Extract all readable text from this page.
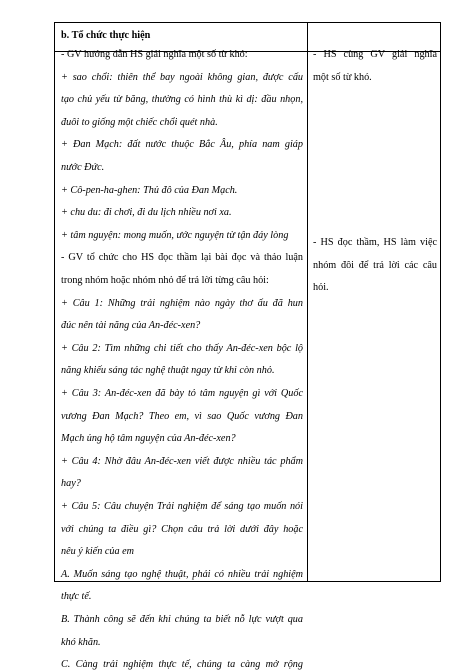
b. Tổ chức thực hiện
- GV hướng dẫn HS giải nghĩa một số từ khó:
+ sao chổi: thiên thể bay ngoài không gian, được cấu
tạo chủ yếu từ băng, thường có hình thù kì dị: đầu nhọn,
đuôi to giống một chiếc chổi quét nhà.
+ Đan Mạch: đất nước thuộc Bắc Âu, phía nam giáp
nước Đức.
+ Cô-pen-ha-ghen: Thủ đô của Đan Mạch.
+ chu du: đi chơi, đi du lịch nhiều nơi xa.
+ tâm nguyện: mong muốn, ước nguyện từ tận đáy lòng
- GV tổ chức cho HS đọc thầm lại bài đọc và thảo luận
trong nhóm hoặc nhóm nhỏ để trả lời từng câu hỏi:
+ Câu 1: Những trải nghiệm nào ngày thơ ấu đã hun
đúc nên tài năng của An-đéc-xen?
+ Câu 2: Tìm những chi tiết cho thấy An-đéc-xen bộc lộ
năng khiếu sáng tác nghệ thuật ngay từ khi còn nhỏ.
+ Câu 3: An-đéc-xen đã bày tỏ tâm nguyện gì với Quốc
vương Đan Mạch? Theo em, vì sao Quốc vương Đan
Mạch ủng hộ tâm nguyện của An-đéc-xen?
+ Câu 4: Nhờ đâu An-đéc-xen viết được nhiều tác phẩm
hay?
+ Câu 5: Câu chuyện Trải nghiệm để sáng tạo muốn nói
với chúng ta điều gì? Chọn câu trả lời dưới đây hoặc
nêu ý kiến của em
A. Muốn sáng tạo nghệ thuật, phải có nhiều trải nghiệm
thực tế.
B. Thành công sẽ đến khi chúng ta biết nỗ lực vượt qua
khó khăn.
C. Càng trải nghiệm thực tế, chúng ta càng mở rộng
- HS cùng GV giải nghĩa
một số từ khó.
- HS đọc thầm, HS làm việc
nhóm đôi để trả lời các câu
hỏi.
